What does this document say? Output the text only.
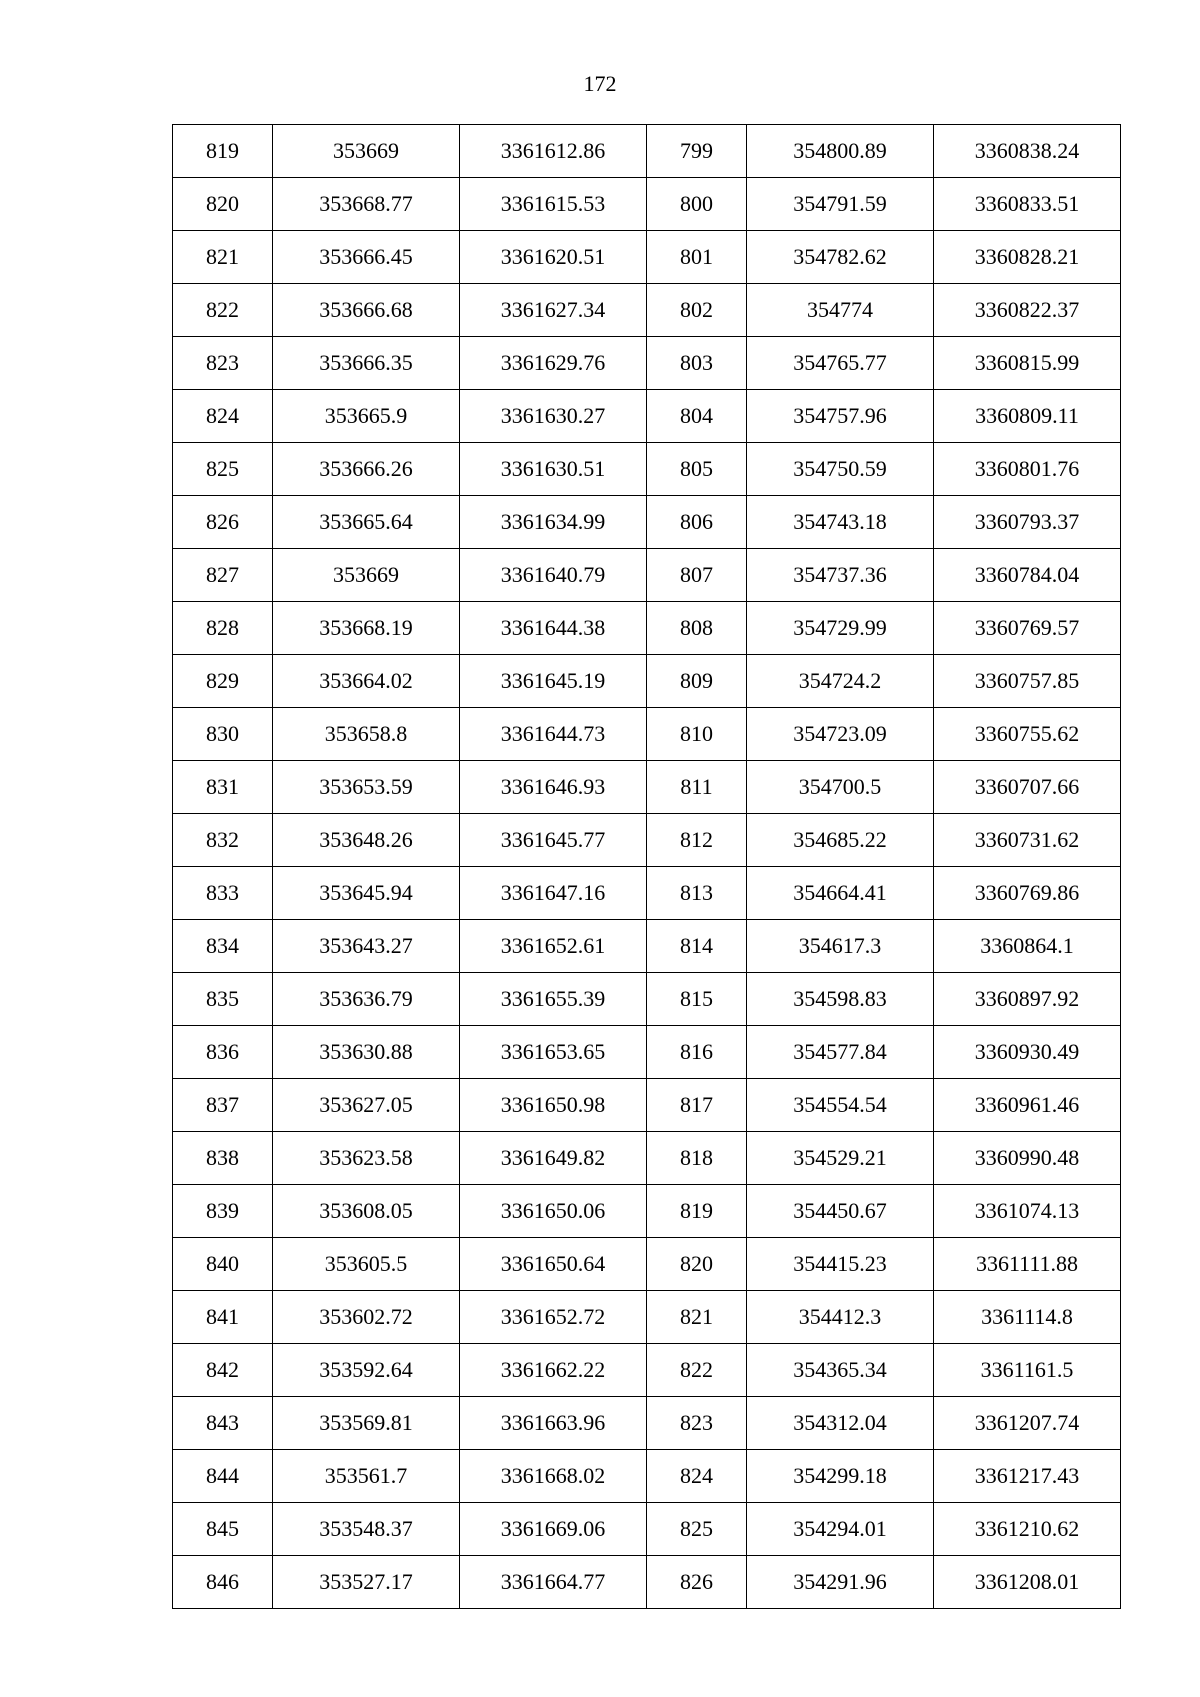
172
819	353669	3361612.86	799	354800.89	3360838.24
820	353668.77	3361615.53	800	354791.59	3360833.51
821	353666.45	3361620.51	801	354782.62	3360828.21
822	353666.68	3361627.34	802	354774	3360822.37
823	353666.35	3361629.76	803	354765.77	3360815.99
824	353665.9	3361630.27	804	354757.96	3360809.11
825	353666.26	3361630.51	805	354750.59	3360801.76
826	353665.64	3361634.99	806	354743.18	3360793.37
827	353669	3361640.79	807	354737.36	3360784.04
828	353668.19	3361644.38	808	354729.99	3360769.57
829	353664.02	3361645.19	809	354724.2	3360757.85
830	353658.8	3361644.73	810	354723.09	3360755.62
831	353653.59	3361646.93	811	354700.5	3360707.66
832	353648.26	3361645.77	812	354685.22	3360731.62
833	353645.94	3361647.16	813	354664.41	3360769.86
834	353643.27	3361652.61	814	354617.3	3360864.1
835	353636.79	3361655.39	815	354598.83	3360897.92
836	353630.88	3361653.65	816	354577.84	3360930.49
837	353627.05	3361650.98	817	354554.54	3360961.46
838	353623.58	3361649.82	818	354529.21	3360990.48
839	353608.05	3361650.06	819	354450.67	3361074.13
840	353605.5	3361650.64	820	354415.23	3361111.88
841	353602.72	3361652.72	821	354412.3	3361114.8
842	353592.64	3361662.22	822	354365.34	3361161.5
843	353569.81	3361663.96	823	354312.04	3361207.74
844	353561.7	3361668.02	824	354299.18	3361217.43
845	353548.37	3361669.06	825	354294.01	3361210.62
846	353527.17	3361664.77	826	354291.96	3361208.01
